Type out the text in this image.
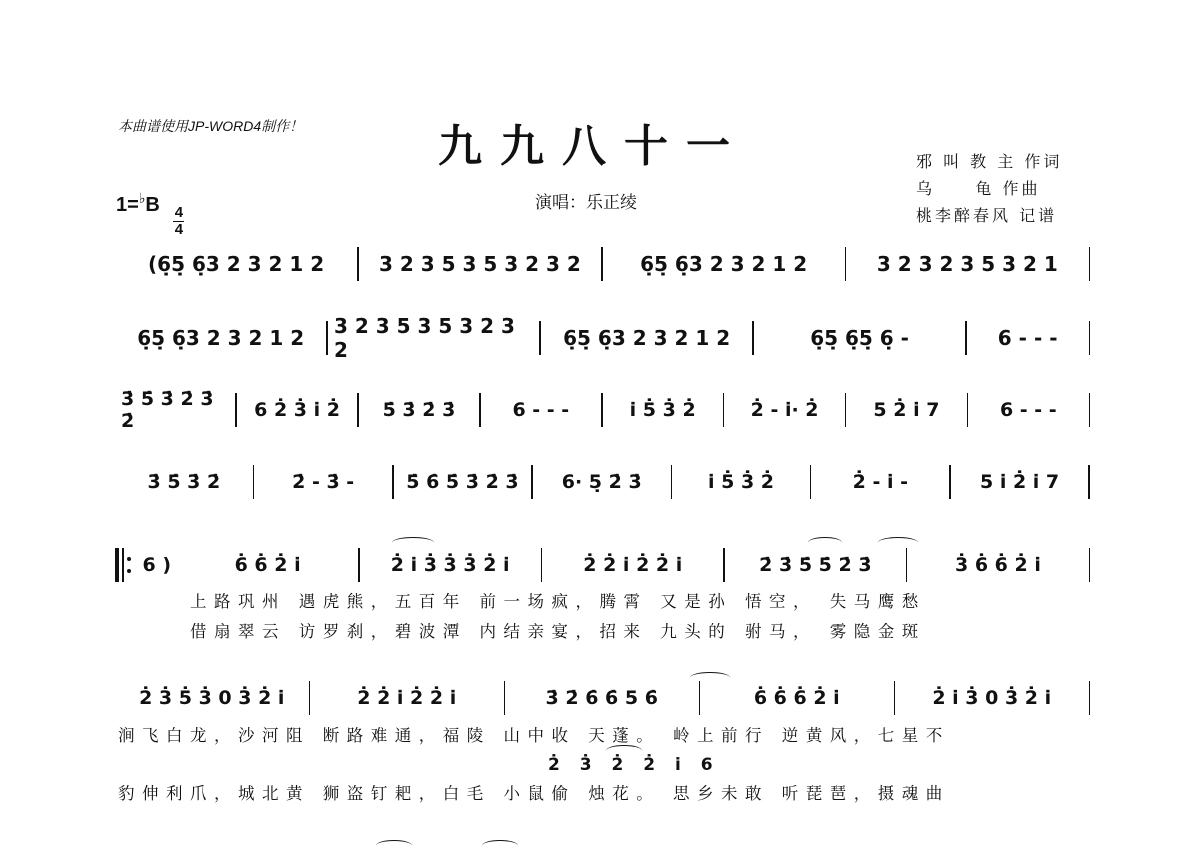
本曲谱使用JP-WORD4制作！	九九八十一
演唱：乐正绫
邪 叫 教 主 作词
乌     龟 作曲
桃李醉春风 记谱
1=♭B
$\frac{4}{4}$
(6̣5̣ 6̣3 2 3 2 1 2	3 2 3 5 3 5 3 2 3 2	6̣5̣ 6̣3 2 3 2 1 2	3 2 3 2 3 5 3 2 1
6̣5̣ 6̣3 2 3 2 1 2	3 2 3 5 3 5 3 2 3 2	6̣5̣ 6̣3 2 3 2 1 2	6̣5̣ 6̣5̣ 6̣ -	6 - - -
3̇ 5̇ 3̇ 2̇ 3̇ 2̇	6 2̇ 3̇ i̇ 2̇	5̇ 3̇ 2̇ 3̇	6 - - -	i̇ 5̇ 3̇ 2̇	2̇ - i̇· 2̇	5 2̇ i̇ 7	6 - - -
3̇ 5̇ 3̇ 2̇	2̇ - 3̇ -	5̇ 6̇ 5̇ 3̇ 2̇ 3̇	6· 5̣ 2̇ 3̇	i̇ 5̇ 3̇ 2̇	2̇ - i̇ -	5 i̇ 2̇ i̇ 7
6 )	6̇ 6̇ 2̇ i̇	2̇ i̇ 3̇ 3̇ 3̇ 2̇ i̇	2̇ 2̇ i̇ 2̇ 2̇ i̇	2̇ 3̇ 5̇ 5̇ 2̇ 3̇	3̇ 6̇ 6̇ 2̇ i̇
上路巩州 遇虎熊，五百年 前一场疯，腾霄 又是孙 悟空， 失马鹰愁
借扇翠云 访罗刹，碧波潭 内结亲宴，招来 九头的 驸马， 雾隐金斑
2̇ 3̇ 5̇ 3̇ 0 3̇ 2̇ i̇	2̇ 2̇ i̇ 2̇ 2̇ i̇	3̇ 2̇ 6̇ 6̇ 5 6̇	6̇ 6̇ 6̇ 2̇ i̇	2̇ i̇ 3̇ 0 3̇ 2̇ i̇
涧飞白龙，沙河阻 断路难通，福陵 山中收 天蓬。 岭上前行 逆黄风，七星不
2̇ 3̇ 2̇ 2̇ i̇ 6
豹伸利爪，城北黄 狮盗钉耙，白毛 小鼠偷 烛花。 思乡未敢 听琵琶，摄魂曲
